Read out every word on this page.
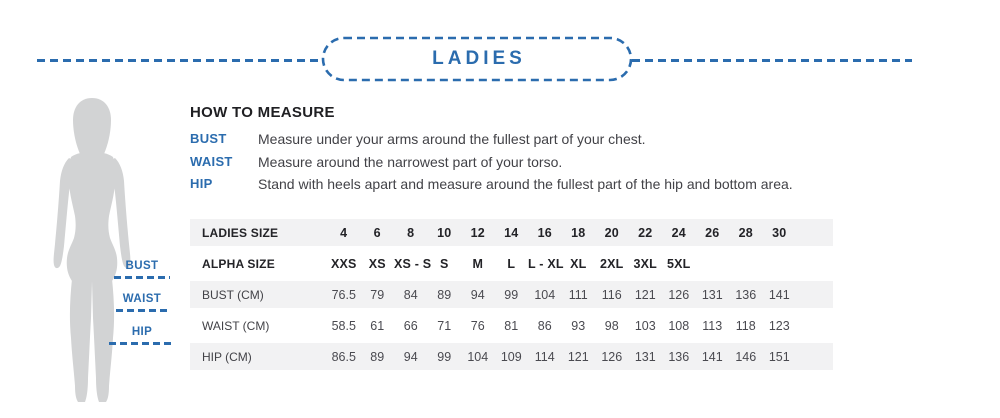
LADIES
BUST
WAIST
HIP

HOW TO MEASURE

BUST	Measure under your arms around the fullest part of your chest.
WAIST	Measure around the narrowest part of your torso.
HIP	Stand with heels apart and measure around the fullest part of the hip and bottom area.
LADIES SIZE	4	6	8	10	12	14	16	18	20	22	24	26	28	30	
ALPHA SIZE	XXS	XS	XS - S	S	M	L	L - XL	XL	2XL	3XL	5XL				
BUST (CM)	76.5	79	84	89	94	99	104	111	116	121	126	131	136	141	
WAIST (CM)	58.5	61	66	71	76	81	86	93	98	103	108	113	118	123	
HIP (CM)	86.5	89	94	99	104	109	114	121	126	131	136	141	146	151	
